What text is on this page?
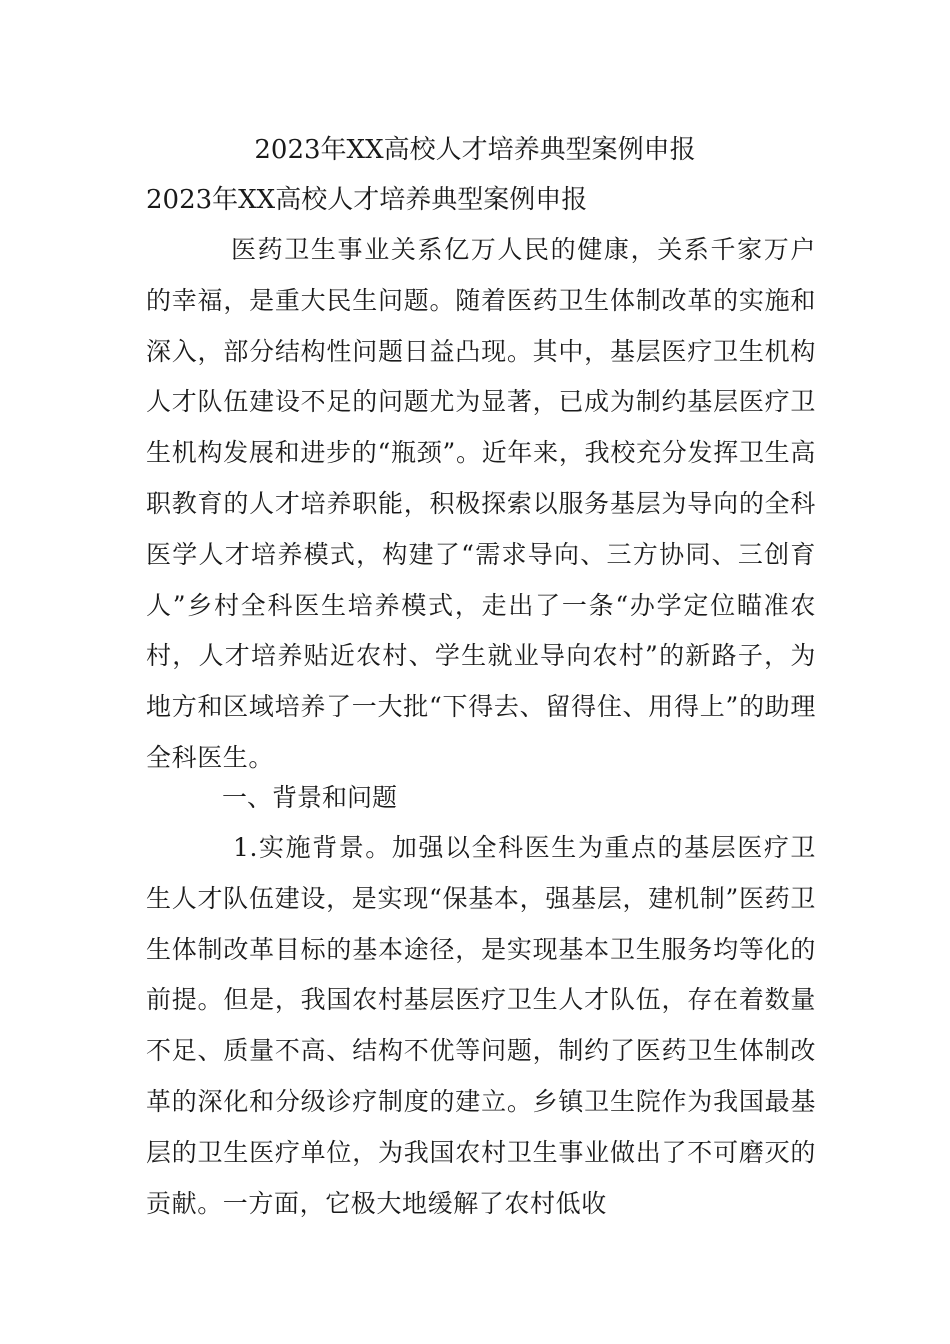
2023年XX高校人才培养典型案例申报
2023年XX高校人才培养典型案例申报
医药卫生事业关系亿万人民的健康，关系千家万户的幸福，是重大民生问题。随着医药卫生体制改革的实施和深入，部分结构性问题日益凸现。其中，基层医疗卫生机构人才队伍建设不足的问题尤为显著，已成为制约基层医疗卫生机构发展和进步的“瓶颈”。近年来，我校充分发挥卫生高职教育的人才培养职能，积极探索以服务基层为导向的全科医学人才培养模式，构建了“需求导向、三方协同、三创育人”乡村全科医生培养模式，走出了一条“办学定位瞄准农村，人才培养贴近农村、学生就业导向农村”的新路子，为地方和区域培养了一大批“下得去、留得住、用得上”的助理全科医生。
一、背景和问题
1.实施背景。加强以全科医生为重点的基层医疗卫生人才队伍建设，是实现“保基本，强基层，建机制”医药卫生体制改革目标的基本途径，是实现基本卫生服务均等化的前提。但是，我国农村基层医疗卫生人才队伍，存在着数量不足、质量不高、结构不优等问题，制约了医药卫生体制改革的深化和分级诊疗制度的建立。乡镇卫生院作为我国最基层的卫生医疗单位，为我国农村卫生事业做出了不可磨灭的贡献。一方面，它极大地缓解了农村低收
